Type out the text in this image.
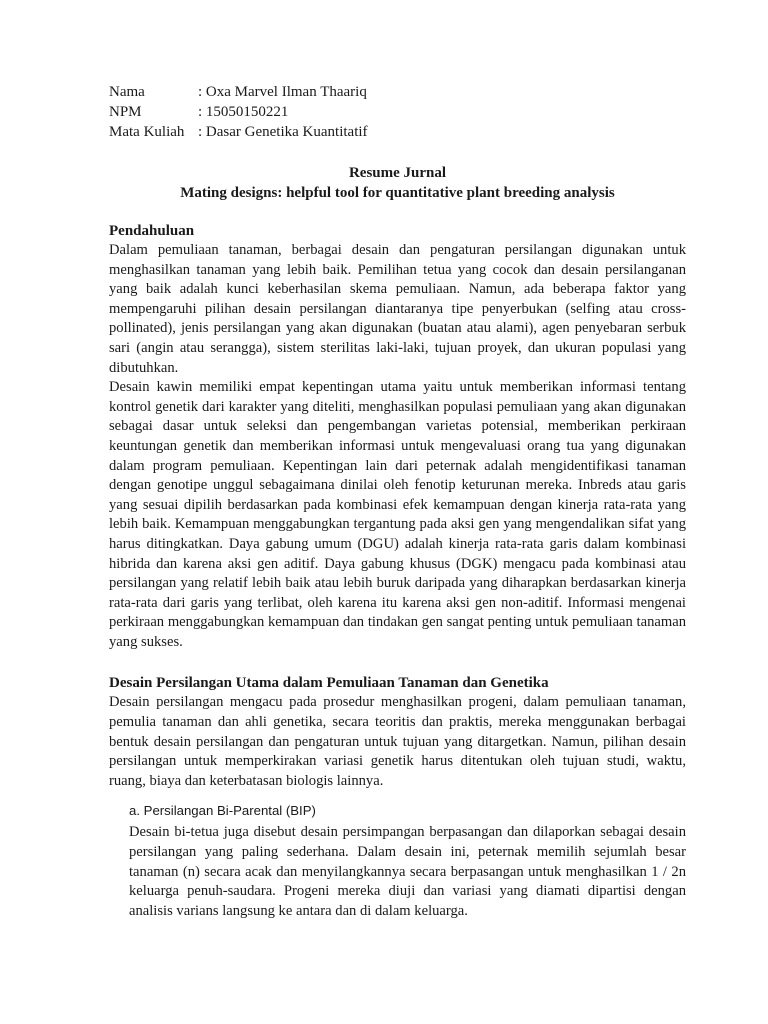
Nama	: Oxa Marvel Ilman Thaariq
NPM	: 15050150221
Mata Kuliah : Dasar Genetika Kuantitatif
Resume Jurnal
Mating designs: helpful tool for quantitative plant breeding analysis
Pendahuluan

Dalam pemuliaan tanaman, berbagai desain dan pengaturan persilangan digunakan untuk menghasilkan tanaman yang lebih baik. Pemilihan tetua yang cocok dan desain persilanganan yang baik adalah kunci keberhasilan skema pemuliaan. Namun, ada beberapa faktor yang mempengaruhi pilihan desain persilangan diantaranya tipe penyerbukan (selfing atau cross-pollinated), jenis persilangan yang akan digunakan (buatan atau alami), agen penyebaran serbuk sari (angin atau serangga), sistem sterilitas laki-laki, tujuan proyek, dan ukuran populasi yang dibutuhkan.

Desain kawin memiliki empat kepentingan utama yaitu untuk memberikan informasi tentang kontrol genetik dari karakter yang diteliti, menghasilkan populasi pemuliaan yang akan digunakan sebagai dasar untuk seleksi dan pengembangan varietas potensial, memberikan perkiraan keuntungan genetik dan memberikan informasi untuk mengevaluasi orang tua yang digunakan dalam program pemuliaan. Kepentingan lain dari peternak adalah mengidentifikasi tanaman dengan genotipe unggul sebagaimana dinilai oleh fenotip keturunan mereka. Inbreds atau garis yang sesuai dipilih berdasarkan pada kombinasi efek kemampuan dengan kinerja rata-rata yang lebih baik. Kemampuan menggabungkan tergantung pada aksi gen yang mengendalikan sifat yang harus ditingkatkan. Daya gabung umum (DGU) adalah kinerja rata-rata garis dalam kombinasi hibrida dan karena aksi gen aditif. Daya gabung khusus (DGK) mengacu pada kombinasi atau persilangan yang relatif lebih baik atau lebih buruk daripada yang diharapkan berdasarkan kinerja rata-rata dari garis yang terlibat, oleh karena itu karena aksi gen non-aditif. Informasi mengenai perkiraan menggabungkan kemampuan dan tindakan gen sangat penting untuk pemuliaan tanaman yang sukses.

Desain Persilangan Utama dalam Pemuliaan Tanaman dan Genetika

Desain persilangan mengacu pada prosedur menghasilkan progeni, dalam pemuliaan tanaman, pemulia tanaman dan ahli genetika, secara teoritis dan praktis, mereka menggunakan berbagai bentuk desain persilangan dan pengaturan untuk tujuan yang ditargetkan. Namun, pilihan desain persilangan untuk memperkirakan variasi genetik harus ditentukan oleh tujuan studi, waktu, ruang, biaya dan keterbatasan biologis lainnya.

a. Persilangan Bi-Parental (BIP)

Desain bi-tetua juga disebut desain persimpangan berpasangan dan dilaporkan sebagai desain persilangan yang paling sederhana. Dalam desain ini, peternak memilih sejumlah besar tanaman (n) secara acak dan menyilangkannya secara berpasangan untuk menghasilkan 1 / 2n keluarga penuh-saudara. Progeni mereka diuji dan variasi yang diamati dipartisi dengan analisis varians langsung ke antara dan di dalam keluarga.
